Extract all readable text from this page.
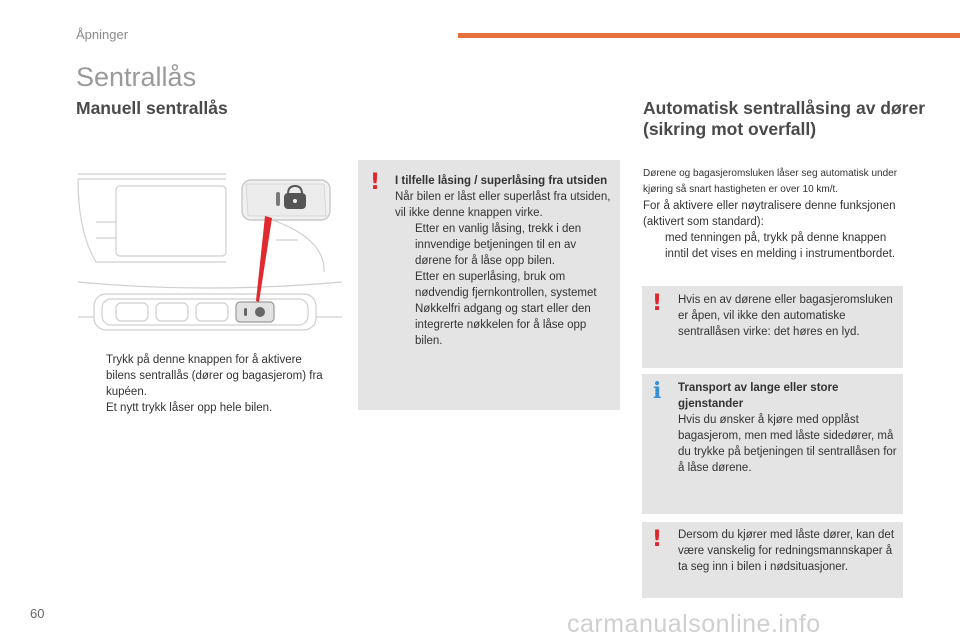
Åpninger
Sentrallås
Manuell sentrallås	Automatisk sentrallåsing av dører (sikring mot overfall)
Trykk på denne knappen for å aktivere bilens sentrallås (dører og bagasjerom) fra kupéen.
Et nytt trykk låser opp hele bilen.
! I tilfelle låsing / superlåsing fra utsiden
Når bilen er låst eller superlåst fra utsiden, vil ikke denne knappen virke.
Etter en vanlig låsing, trekk i den innvendige betjeningen til en av dørene for å låse opp bilen.
Etter en superlåsing, bruk om nødvendig fjernkontrollen, systemet Nøkkelfri adgang og start eller den integrerte nøkkelen for å låse opp bilen.
Dørene og bagasjeromsluken låser seg automatisk under kjøring så snart hastigheten er over 10 km/t.
For å aktivere eller nøytralisere denne funksjonen (aktivert som standard):
med tenningen på, trykk på denne knappen inntil det vises en melding i instrumentbordet.
! Hvis en av dørene eller bagasjeromsluken er åpen, vil ikke den automatiske sentrallåsen virke: det høres en lyd.
i Transport av lange eller store gjenstander
Hvis du ønsker å kjøre med opplåst bagasjerom, men med låste sidedører, må du trykke på betjeningen til sentrallåsen for å låse dørene.
! Dersom du kjører med låste dører, kan det være vanskelig for redningsmannskaper å ta seg inn i bilen i nødsituasjoner.
60	carmanualsonline.info
